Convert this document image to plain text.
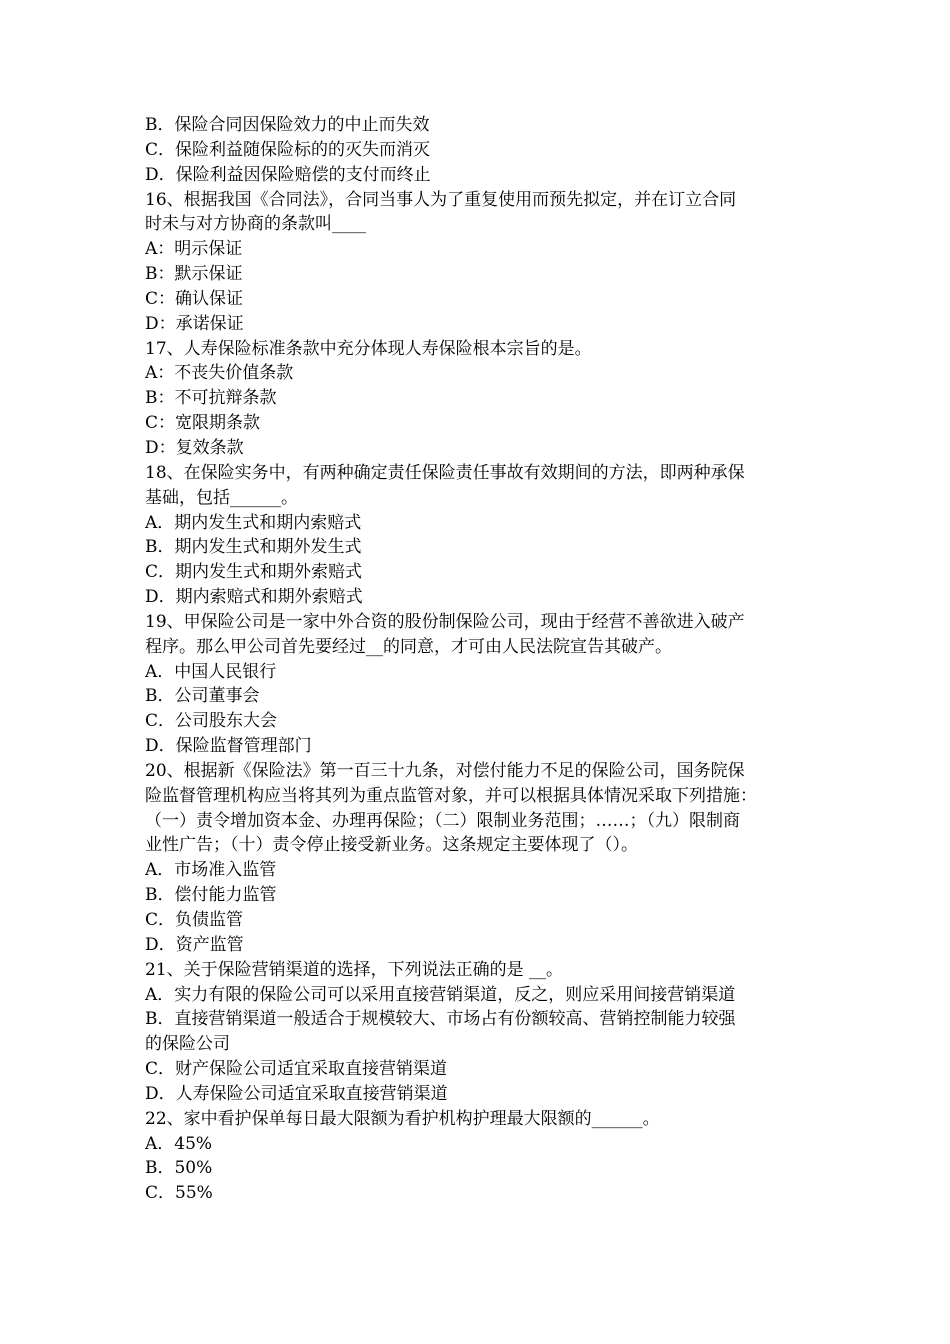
B．保险合同因保险效力的中止而失效
C．保险利益随保险标的的灭失而消灭
D．保险利益因保险赔偿的支付而终止
16、根据我国《合同法》，合同当事人为了重复使用而预先拟定，并在订立合同
时未与对方协商的条款叫____
A：明示保证
B：默示保证
C：确认保证
D：承诺保证
17、人寿保险标准条款中充分体现人寿保险根本宗旨的是。
A：不丧失价值条款
B：不可抗辩条款
C：宽限期条款
D：复效条款
18、在保险实务中，有两种确定责任保险责任事故有效期间的方法，即两种承保
基础，包括______。
A．期内发生式和期内索赔式
B．期内发生式和期外发生式
C．期内发生式和期外索赔式
D．期内索赔式和期外索赔式
19、甲保险公司是一家中外合资的股份制保险公司，现由于经营不善欲进入破产
程序。那么甲公司首先要经过__的同意，才可由人民法院宣告其破产。
A．中国人民银行
B．公司董事会
C．公司股东大会
D．保险监督管理部门
20、根据新《保险法》第一百三十九条，对偿付能力不足的保险公司，国务院保
险监督管理机构应当将其列为重点监管对象，并可以根据具体情况采取下列措施：
（一）责令增加资本金、办理再保险；（二）限制业务范围；……；（九）限制商
业性广告；（十）责令停止接受新业务。这条规定主要体现了（）。
A．市场准入监管
B．偿付能力监管
C．负债监管
D．资产监管
21、关于保险营销渠道的选择，下列说法正确的是 __。
A．实力有限的保险公司可以采用直接营销渠道，反之，则应采用间接营销渠道
B．直接营销渠道一般适合于规模较大、市场占有份额较高、营销控制能力较强
的保险公司
C．财产保险公司适宜采取直接营销渠道
D．人寿保险公司适宜采取直接营销渠道
22、家中看护保单每日最大限额为看护机构护理最大限额的______。
A．45%
B．50%
C．55%
